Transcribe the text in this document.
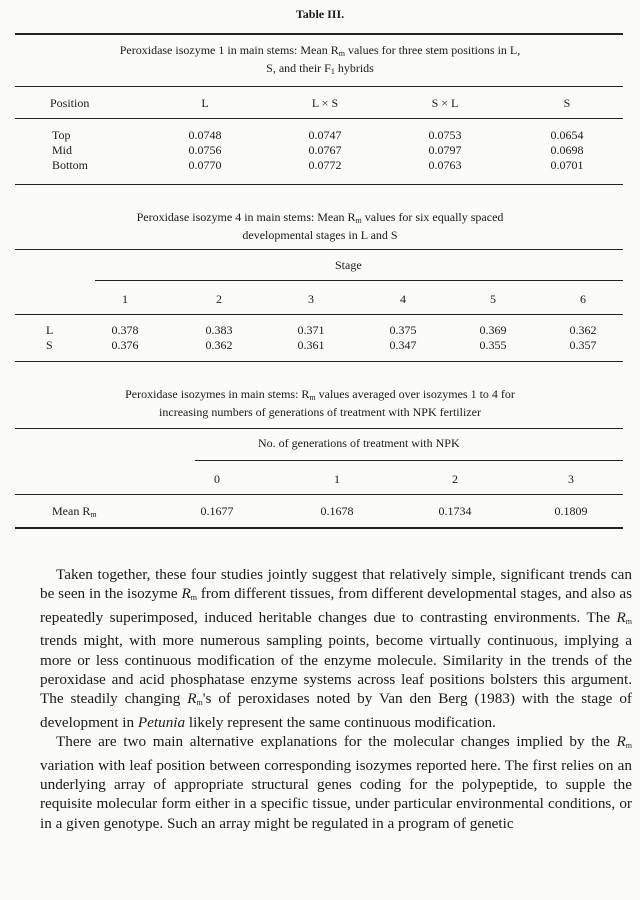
Table III.
Peroxidase isozyme 1 in main stems: Mean $R_m$ values for three stem positions in L,
S, and their $F_1$ hybrids
Position	L	L × S	S × L	S
Top	0.0748	0.0747	0.0753	0.0654
Mid	0.0756	0.0767	0.0797	0.0698
Bottom	0.0770	0.0772	0.0763	0.0701
Peroxidase isozyme 4 in main stems: Mean $R_m$ values for six equally spaced
developmental stages in L and S
Stage
1	2	3	4	5	6
L	0.378	0.383	0.371	0.375	0.369	0.362
S	0.376	0.362	0.361	0.347	0.355	0.357
Peroxidase isozymes in main stems: $R_m$ values averaged over isozymes 1 to 4 for
increasing numbers of generations of treatment with NPK fertilizer
No. of generations of treatment with NPK
0	1	2	3
Mean $R_m$	0.1677	0.1678	0.1734	0.1809

Taken together, these four studies jointly suggest that relatively simple, significant trends can be seen in the isozyme $R_m$ from different tissues, from different developmental stages, and also as repeatedly superimposed, induced heritable changes due to contrasting environments. The $R_m$ trends might, with more numerous sampling points, become virtually continuous, implying a more or less continuous modification of the enzyme molecule. Similarity in the trends of the peroxidase and acid phosphatase enzyme systems across leaf positions bolsters this argument. The steadily changing $R_m's$ of peroxidases noted by Van den Berg (1983) with the stage of development in Petunia likely represent the same continuous modification.

There are two main alternative explanations for the molecular changes implied by the $R_m$ variation with leaf position between corresponding isozymes reported here. The first relies on an underlying array of appropriate structural genes coding for the polypeptide, to supple the requisite molecular form either in a specific tissue, under particular environmental conditions, or in a given genotype. Such an array might be regulated in a program of genetic
